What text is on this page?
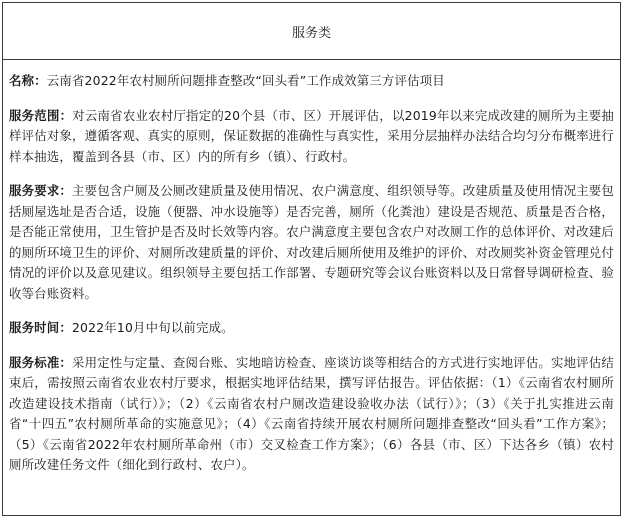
服务类

名称：云南省2022年农村厕所问题排查整改“回头看”工作成效第三方评估项目

服务范围：对云南省农业农村厅指定的20个县（市、区）开展评估，以2019年以来完成改建的厕所为主要抽样评估对象，遵循客观、真实的原则，保证数据的准确性与真实性，采用分层抽样办法结合均匀分布概率进行样本抽选，覆盖到各县（市、区）内的所有乡（镇）、行政村。

服务要求：主要包含户厕及公厕改建质量及使用情况、农户满意度、组织领导等。改建质量及使用情况主要包括厕屋选址是否合适，设施（便器、冲水设施等）是否完善，厕所（化粪池）建设是否规范、质量是否合格，是否能正常使用，卫生管护是否及时长效等内容。农户满意度主要包含农户对改厕工作的总体评价、对改建后的厕所环境卫生的评价、对厕所改建质量的评价、对改建后厕所使用及维护的评价、对改厕奖补资金管理兑付情况的评价以及意见建议。组织领导主要包括工作部署、专题研究等会议台账资料以及日常督导调研检查、验收等台账资料。

服务时间：2022年10月中旬以前完成。

服务标准：采用定性与定量、查阅台账、实地暗访检查、座谈访谈等相结合的方式进行实地评估。实地评估结束后，需按照云南省农业农村厅要求，根据实地评估结果，撰写评估报告。评估依据：（1）《云南省农村厕所改造建设技术指南（试行）》；（2）《云南省农村户厕改造建设验收办法（试行）》；（3）《关于扎实推进云南省“十四五”农村厕所革命的实施意见》；（4）《云南省持续开展农村厕所问题排查整改“回头看”工作方案》；（5）《云南省2022年农村厕所革命州（市）交叉检查工作方案》；（6）各县（市、区）下达各乡（镇）农村厕所改建任务文件（细化到行政村、农户）。
